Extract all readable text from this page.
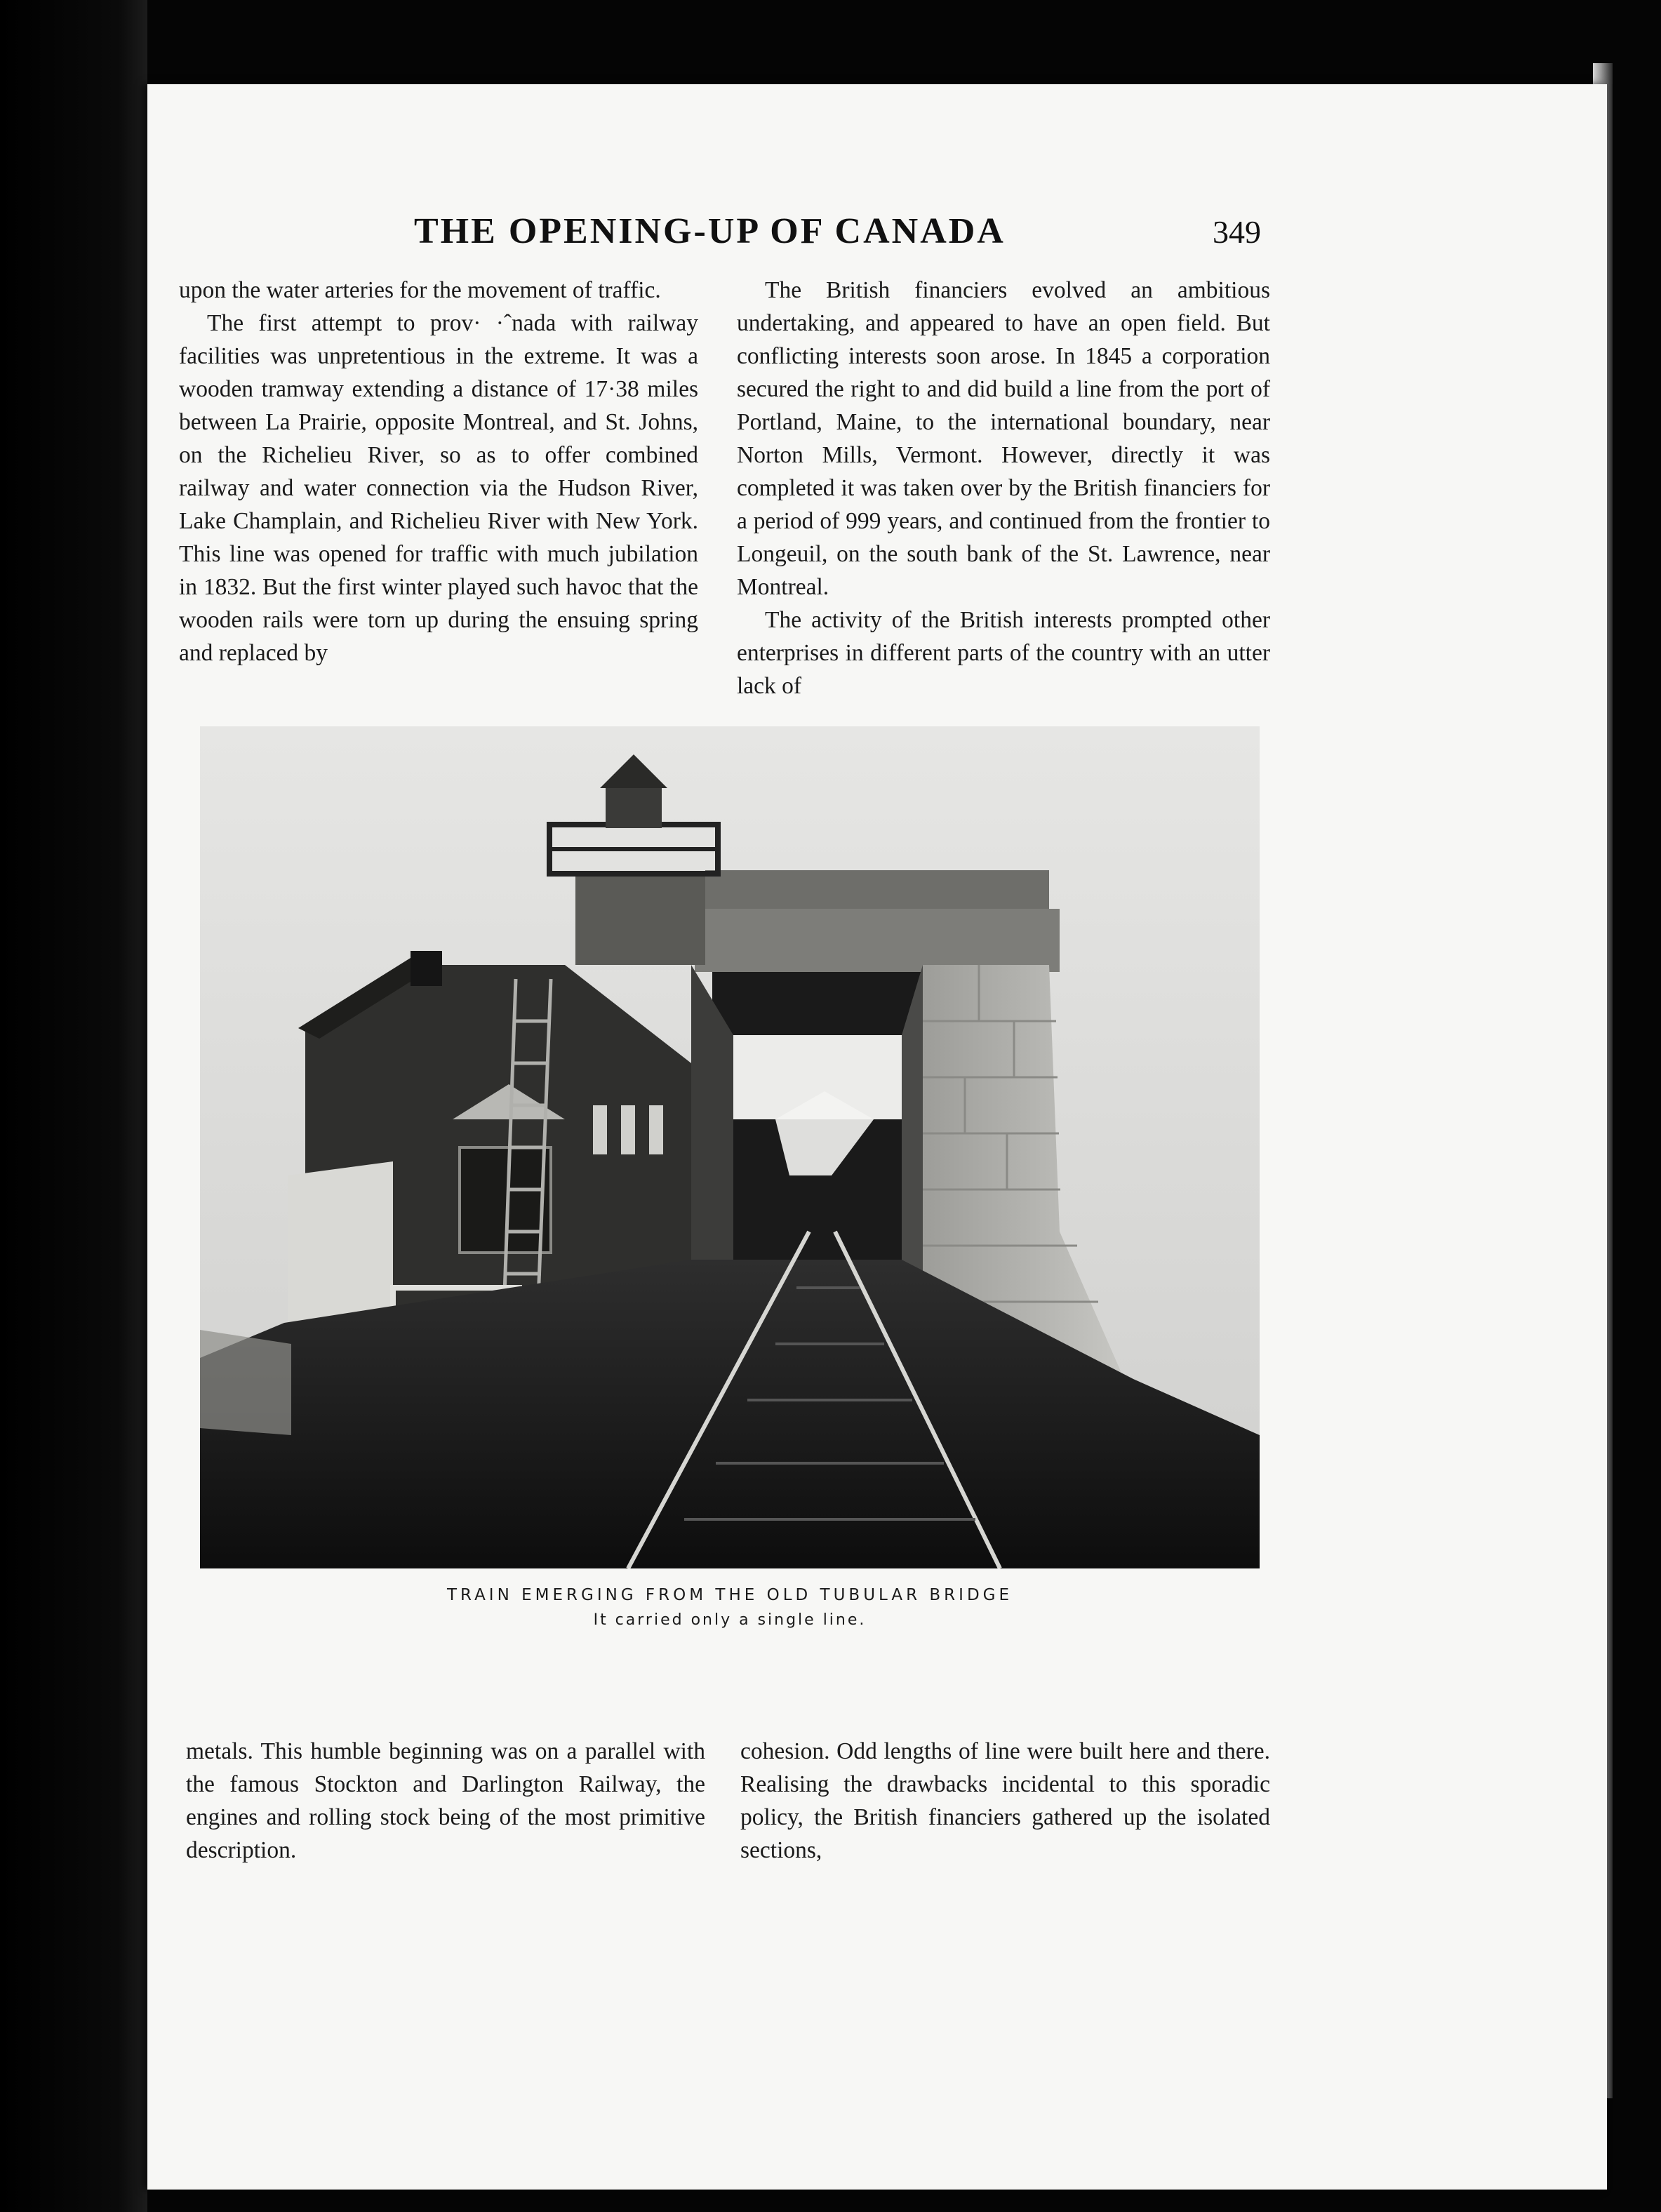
THE OPENING-UP OF CANADA	349

upon the water arteries for the movement of traffic.

The first attempt to prov· ·ˆnada with railway facilities was unpretentious in the extreme. It was a wooden tramway extending a distance of 17·38 miles between La Prairie, opposite Montreal, and St. Johns, on the Richelieu River, so as to offer combined railway and water connection via the Hudson River, Lake Champlain, and Richelieu River with New York. This line was opened for traffic with much jubilation in 1832. But the first winter played such havoc that the wooden rails were torn up during the ensuing spring and replaced by

The British financiers evolved an ambitious undertaking, and appeared to have an open field. But conflicting interests soon arose. In 1845 a corporation secured the right to and did build a line from the port of Portland, Maine, to the international boundary, near Norton Mills, Vermont. However, directly it was completed it was taken over by the British financiers for a period of 999 years, and continued from the frontier to Longeuil, on the south bank of the St. Lawrence, near Montreal.

The activity of the British interests prompted other enterprises in different parts of the country with an utter lack of

TRAIN EMERGING FROM THE OLD TUBULAR BRIDGE
It carried only a single line.

metals. This humble beginning was on a parallel with the famous Stockton and Darlington Railway, the engines and rolling stock being of the most primitive description.

cohesion. Odd lengths of line were built here and there. Realising the drawbacks incidental to this sporadic policy, the British financiers gathered up the isolated sections,
